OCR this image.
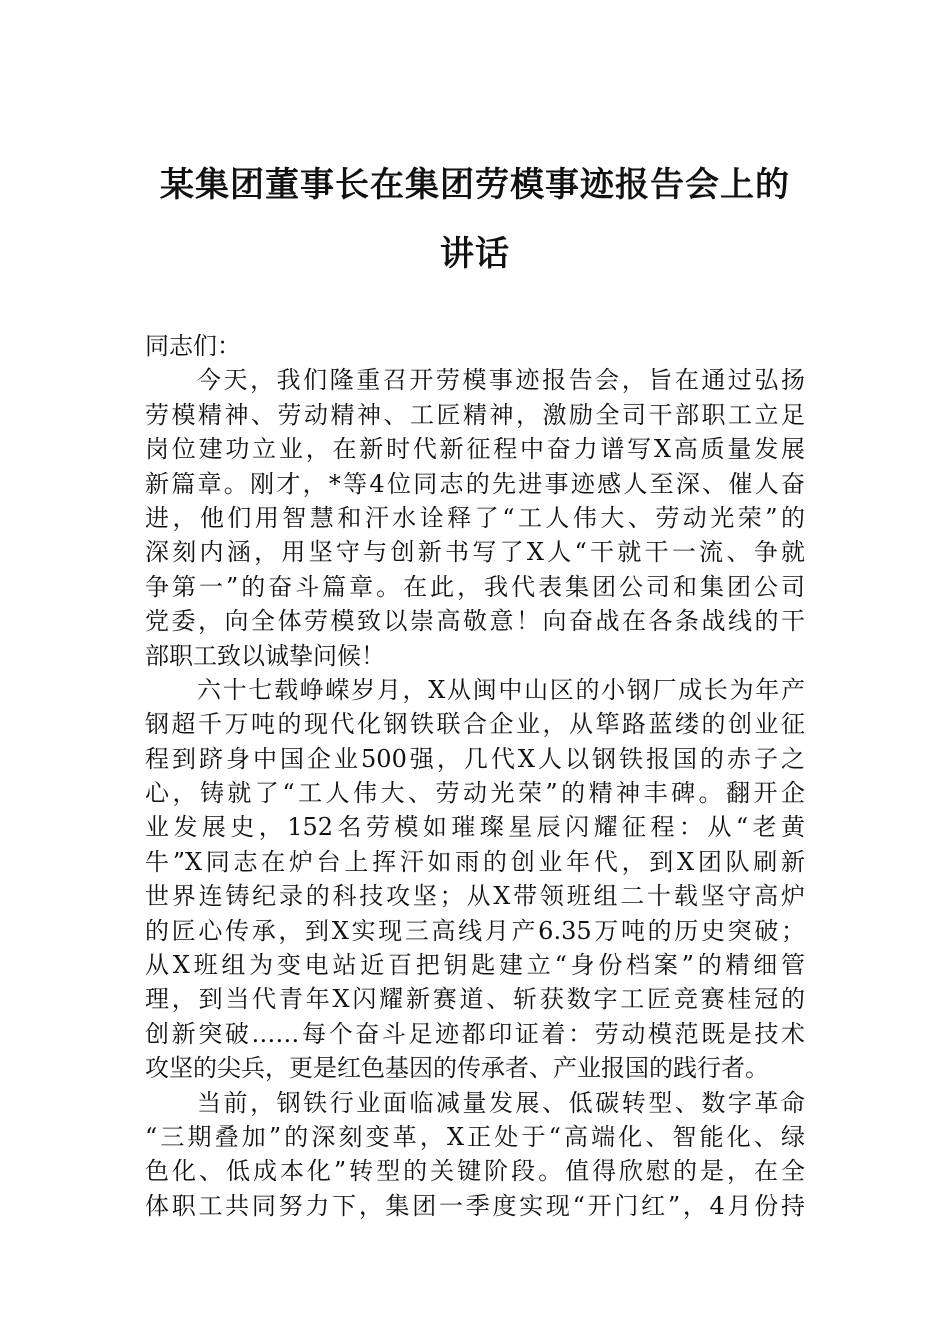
某集团董事长在集团劳模事迹报告会上的
讲话
同志们：
今天，我们隆重召开劳模事迹报告会，旨在通过弘扬
劳模精神、劳动精神、工匠精神，激励全司干部职工立足
岗位建功立业，在新时代新征程中奋力谱写X高质量发展
新篇章。刚才，*等4位同志的先进事迹感人至深、催人奋
进，他们用智慧和汗水诠释了“工人伟大、劳动光荣”的
深刻内涵，用坚守与创新书写了X人“干就干一流、争就
争第一”的奋斗篇章。在此，我代表集团公司和集团公司
党委，向全体劳模致以崇高敬意！向奋战在各条战线的干
部职工致以诚挚问候！
六十七载峥嵘岁月，X从闽中山区的小钢厂成长为年产
钢超千万吨的现代化钢铁联合企业，从筚路蓝缕的创业征
程到跻身中国企业500强，几代X人以钢铁报国的赤子之
心，铸就了“工人伟大、劳动光荣”的精神丰碑。翻开企
业发展史，152名劳模如璀璨星辰闪耀征程：从“老黄
牛”X同志在炉台上挥汗如雨的创业年代，到X团队刷新
世界连铸纪录的科技攻坚；从X带领班组二十载坚守高炉
的匠心传承，到X实现三高线月产6.35万吨的历史突破；
从X班组为变电站近百把钥匙建立“身份档案”的精细管
理，到当代青年X闪耀新赛道、斩获数字工匠竞赛桂冠的
创新突破……每个奋斗足迹都印证着：劳动模范既是技术
攻坚的尖兵，更是红色基因的传承者、产业报国的践行者。
当前，钢铁行业面临减量发展、低碳转型、数字革命
“三期叠加”的深刻变革，X正处于“高端化、智能化、绿
色化、低成本化”转型的关键阶段。值得欣慰的是，在全
体职工共同努力下，集团一季度实现“开门红”，4月份持
